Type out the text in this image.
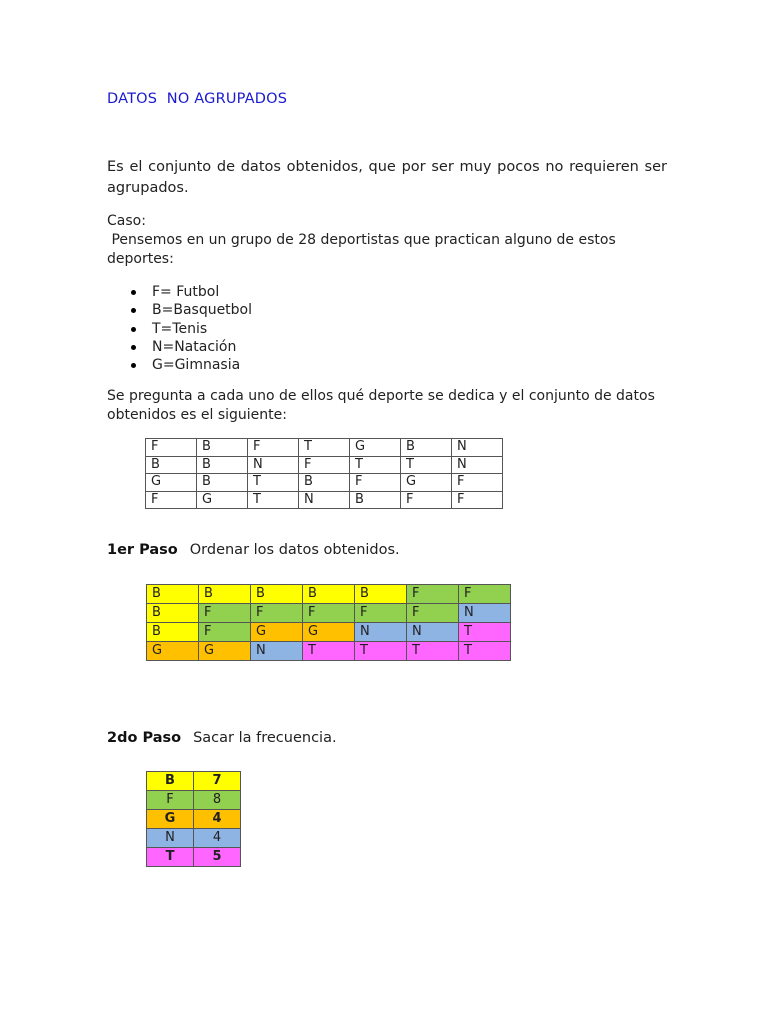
DATOS  NO AGRUPADOS
Es el conjunto de datos obtenidos, que por ser muy pocos no requieren ser agrupados.
Caso:
Pensemos en un grupo de 28 deportistas que practican alguno de estos deportes:
F= Futbol
B=Basquetbol
T=Tenis
N=Natación
G=Gimnasia
Se pregunta a cada uno de ellos qué deporte se dedica y el conjunto de datos obtenidos es el siguiente:
F	B	F	T	G	B	N
B	B	N	F	T	T	N
G	B	T	B	F	G	F
F	G	T	N	B	F	F
1er Paso Ordenar los datos obtenidos.
B	B	B	B	B	F	F
B	F	F	F	F	F	N
B	F	G	G	N	N	T
G	G	N	T	T	T	T
2do Paso Sacar la frecuencia.
B	7
F	8
G	4
N	4
T	5
